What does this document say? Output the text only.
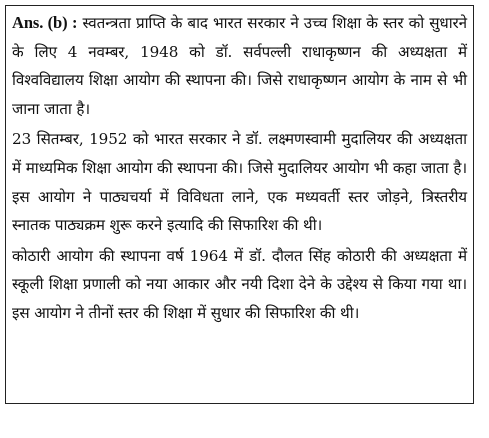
Ans. (b) : स्वतन्त्रता प्राप्ति के बाद भारत सरकार ने उच्च शिक्षा के स्तर को सुधारने के लिए 4 नवम्बर, 1948 को डॉ. सर्वपल्ली राधाकृष्णन की अध्यक्षता में विश्वविद्यालय शिक्षा आयोग की स्थापना की। जिसे राधाकृष्णन आयोग के नाम से भी जाना जाता है।

23 सितम्बर, 1952 को भारत सरकार ने डॉ. लक्ष्मणस्वामी मुदालियर की अध्यक्षता में माध्यमिक शिक्षा आयोग की स्थापना की। जिसे मुदालियर आयोग भी कहा जाता है। इस आयोग ने पाठ्यचर्या में विविधता लाने, एक मध्यवर्ती स्तर जोड़ने, त्रिस्तरीय स्नातक पाठ्यक्रम शुरू करने इत्यादि की सिफारिश की थी।

कोठारी आयोग की स्थापना वर्ष 1964 में डॉ. दौलत सिंह कोठारी की अध्यक्षता में स्कूली शिक्षा प्रणाली को नया आकार और नयी दिशा देने के उद्देश्य से किया गया था। इस आयोग ने तीनों स्तर की शिक्षा में सुधार की सिफारिश की थी।
